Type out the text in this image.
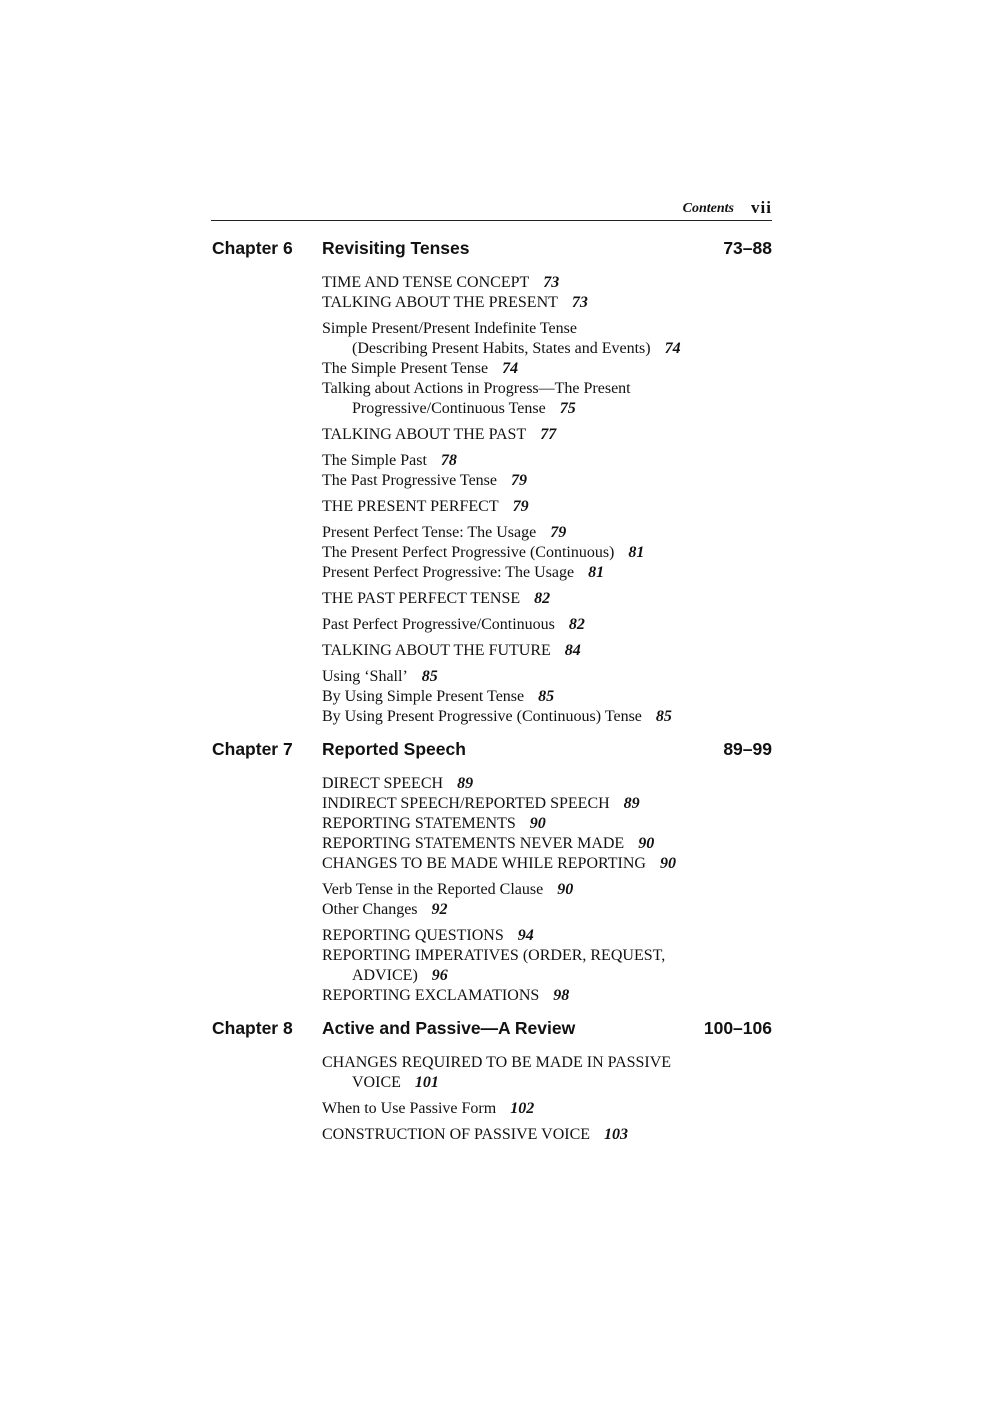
Contents vii
Chapter 6 Revisiting Tenses	73–88
TIME AND TENSE CONCEPT 73
TALKING ABOUT THE PRESENT 73
Simple Present/Present Indefinite Tense
(Describing Present Habits, States and Events) 74
The Simple Present Tense 74
Talking about Actions in Progress—The Present
Progressive/Continuous Tense 75
TALKING ABOUT THE PAST 77
The Simple Past 78
The Past Progressive Tense 79
THE PRESENT PERFECT 79
Present Perfect Tense: The Usage 79
The Present Perfect Progressive (Continuous) 81
Present Perfect Progressive: The Usage 81
THE PAST PERFECT TENSE 82
Past Perfect Progressive/Continuous 82
TALKING ABOUT THE FUTURE 84
Using ‘Shall’ 85
By Using Simple Present Tense 85
By Using Present Progressive (Continuous) Tense 85
Chapter 7 Reported Speech	89–99
DIRECT SPEECH 89
INDIRECT SPEECH/REPORTED SPEECH 89
REPORTING STATEMENTS 90
REPORTING STATEMENTS NEVER MADE 90
CHANGES TO BE MADE WHILE REPORTING 90
Verb Tense in the Reported Clause 90
Other Changes 92
REPORTING QUESTIONS 94
REPORTING IMPERATIVES (ORDER, REQUEST,
ADVICE) 96
REPORTING EXCLAMATIONS 98
Chapter 8 Active and Passive—A Review	100–106
CHANGES REQUIRED TO BE MADE IN PASSIVE
VOICE 101
When to Use Passive Form 102
CONSTRUCTION OF PASSIVE VOICE 103
